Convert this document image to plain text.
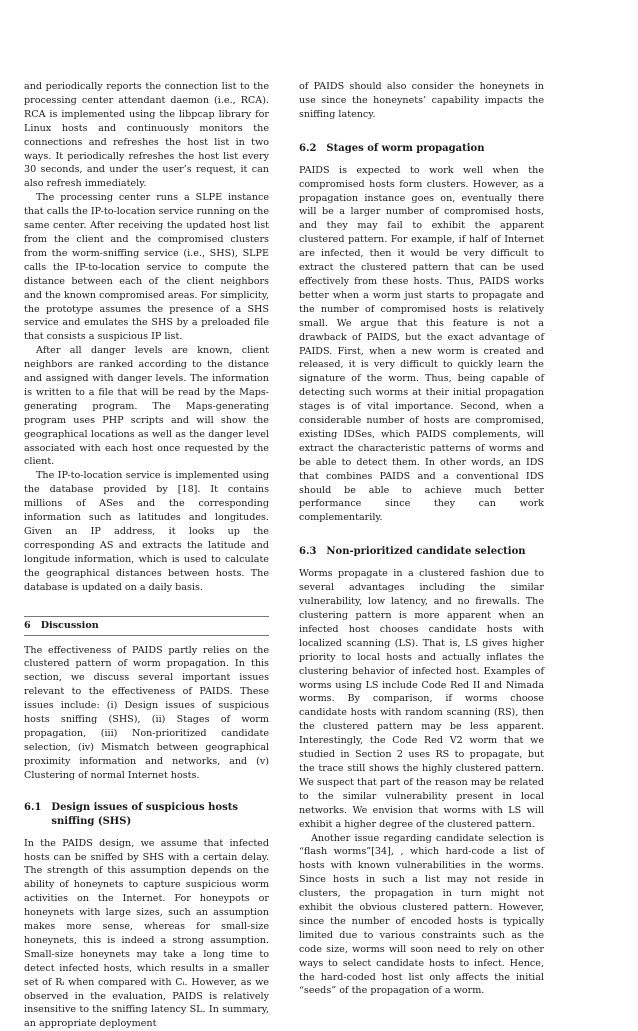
and periodically reports the connection list to the processing center attendant daemon (i.e., RCA). RCA is implemented using the libpcap library for Linux hosts and continuously monitors the connections and refreshes the host list in two ways. It periodically refreshes the host list every 30 seconds, and under the user’s request, it can also refresh immediately.

The processing center runs a SLPE instance that calls the IP-to-location service running on the same center. After receiving the updated host list from the client and the compromised clusters from the worm-sniffing service (i.e., SHS), SLPE calls the IP-to-location service to compute the distance between each of the client neighbors and the known compromised areas. For simplicity, the prototype assumes the presence of a SHS service and emulates the SHS by a preloaded file that consists a suspicious IP list.

After all danger levels are known, client neighbors are ranked according to the distance and assigned with danger levels. The information is written to a file that will be read by the Maps-generating program. The Maps-generating program uses PHP scripts and will show the geographical locations as well as the danger level associated with each host once requested by the client.

The IP-to-location service is implemented using the database provided by [18]. It contains millions of ASes and the corresponding information such as latitudes and longitudes. Given an IP address, it looks up the corresponding AS and extracts the latitude and longitude information, which is used to calculate the geographical distances between hosts. The database is updated on a daily basis.

6 Discussion

The effectiveness of PAIDS partly relies on the clustered pattern of worm propagation. In this section, we discuss several important issues relevant to the effectiveness of PAIDS. These issues include: (i) Design issues of suspicious hosts sniffing (SHS), (ii) Stages of worm propagation, (iii) Non-prioritized candidate selection, (iv) Mismatch between geographical proximity information and networks, and (v) Clustering of normal Internet hosts.

6.1 Design issues of suspicious hosts sniffing (SHS)

In the PAIDS design, we assume that infected hosts can be sniffed by SHS with a certain delay. The strength of this assumption depends on the ability of honeynets to capture suspicious worm activities on the Internet. For honeypots or honeynets with large sizes, such an assumption makes more sense, whereas for small-size honeynets, this is indeed a strong assumption. Small-size honeynets may take a long time to detect infected hosts, which results in a smaller set of Rᵢ when compared with Cᵢ. However, as we observed in the evaluation, PAIDS is relatively insensitive to the sniffing latency SL. In summary, an appropriate deployment

of PAIDS should also consider the honeynets in use since the honeynets’ capability impacts the sniffing latency.

6.2 Stages of worm propagation

PAIDS is expected to work well when the compromised hosts form clusters. However, as a propagation instance goes on, eventually there will be a larger number of compromised hosts, and they may fail to exhibit the apparent clustered pattern. For example, if half of Internet are infected, then it would be very difficult to extract the clustered pattern that can be used effectively from these hosts. Thus, PAIDS works better when a worm just starts to propagate and the number of compromised hosts is relatively small. We argue that this feature is not a drawback of PAIDS, but the exact advantage of PAIDS. First, when a new worm is created and released, it is very difficult to quickly learn the signature of the worm. Thus, being capable of detecting such worms at their initial propagation stages is of vital importance. Second, when a considerable number of hosts are compromised, existing IDSes, which PAIDS complements, will extract the characteristic patterns of worms and be able to detect them. In other words, an IDS that combines PAIDS and a conventional IDS should be able to achieve much better performance since they can work complementarily.

6.3 Non-prioritized candidate selection

Worms propagate in a clustered fashion due to several advantages including the similar vulnerability, low latency, and no firewalls. The clustering pattern is more apparent when an infected host chooses candidate hosts with localized scanning (LS). That is, LS gives higher priority to local hosts and actually inflates the clustering behavior of infected host. Examples of worms using LS include Code Red II and Nimada worms. By comparison, if worms choose candidate hosts with random scanning (RS), then the clustered pattern may be less apparent. Interestingly, the Code Red V2 worm that we studied in Section 2 uses RS to propagate, but the trace still shows the highly clustered pattern. We suspect that part of the reason may be related to the similar vulnerability present in local networks. We envision that worms with LS will exhibit a higher degree of the clustered pattern.

Another issue regarding candidate selection is “flash worms”[34], , which hard-code a list of hosts with known vulnerabilities in the worms. Since hosts in such a list may not reside in clusters, the propagation in turn might not exhibit the obvious clustered pattern. However, since the number of encoded hosts is typically limited due to various constraints such as the code size, worms will soon need to rely on other ways to select candidate hosts to infect. Hence, the hard-coded host list only affects the initial “seeds” of the propagation of a worm.
